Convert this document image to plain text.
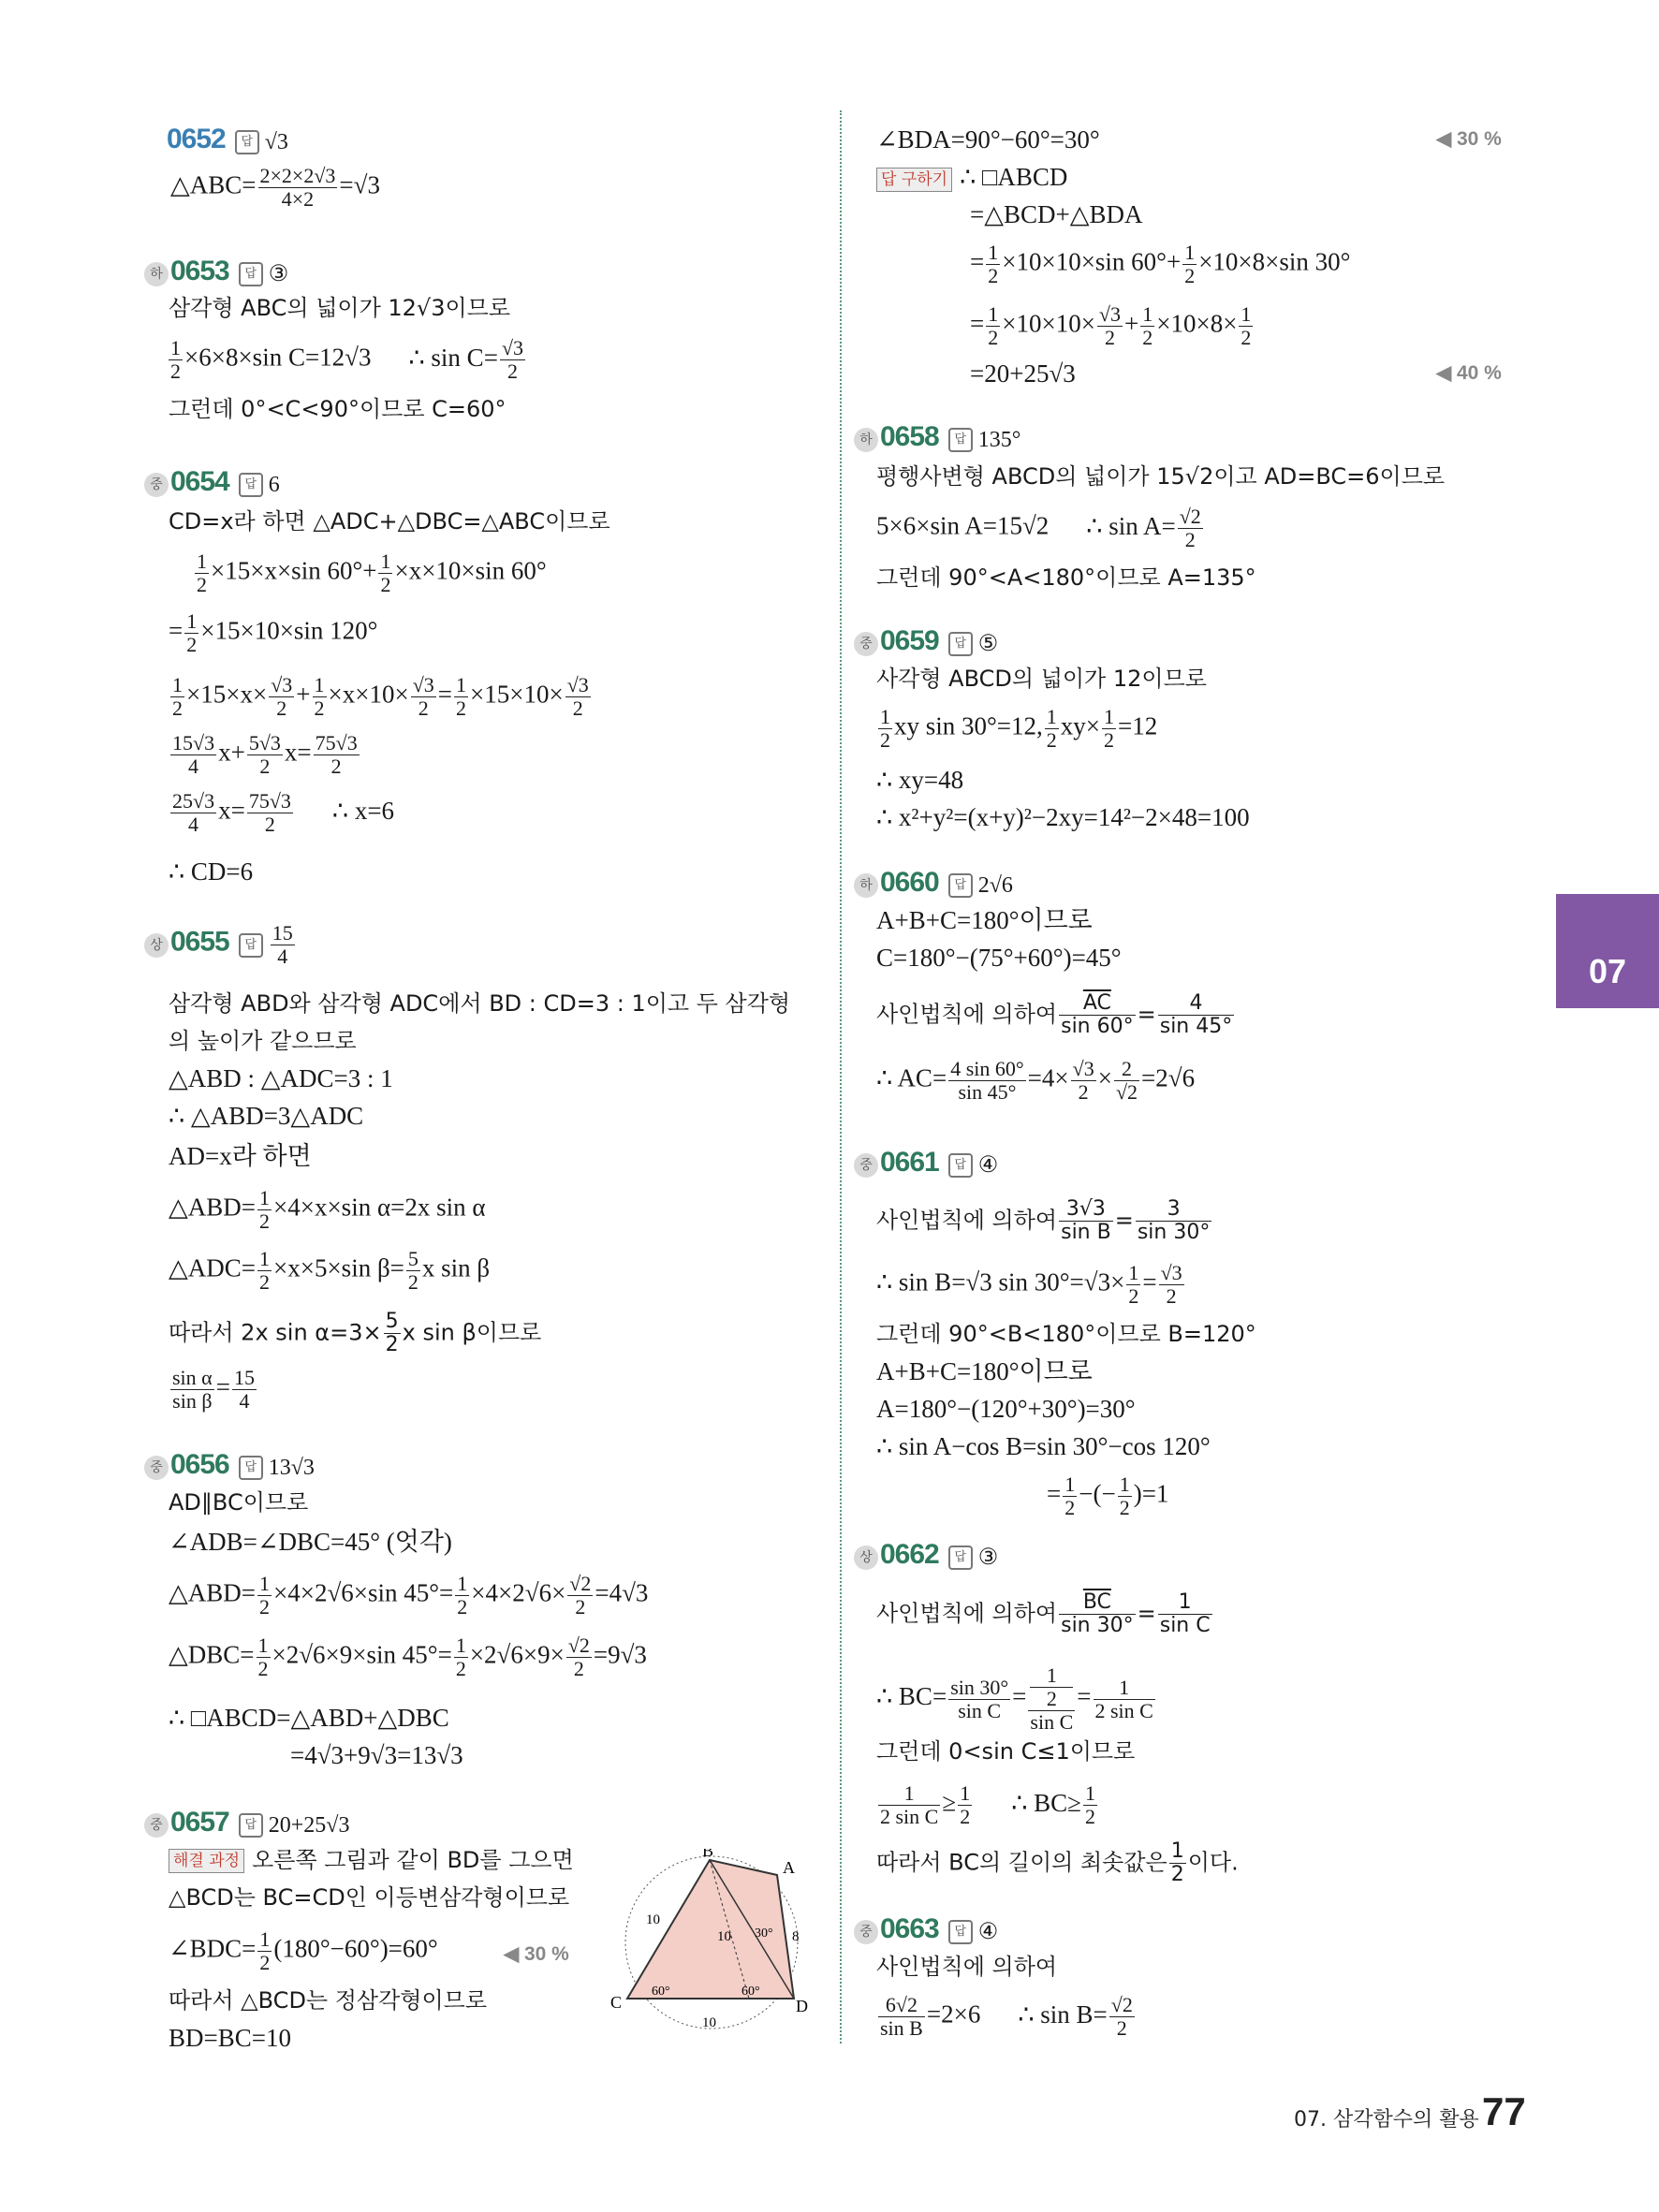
0652 답 √3
△ABC= $\frac{2\times 2\times 2√3}{4\times 2} =√3$
하 0653 답 ③
삼각형 ABC의 넓이가 12√3이므로
$\frac{1}{2} \times 6\times 8\times\sin$ C=12√3 ∴ $\sin C= \frac{√3}{2}$
그런데 0°<C<90°이므로 C=60°
중 0654 답 6
CD=x라 하면 △ADC+△DBC=△ABC이므로
$\frac{1}{2} \times 15\times x\times\sin$ $60^\circ+ \frac{1}{2} \times x\times 10\times\sin$ 60°
= $\frac{1}{2} \times 15\times 10\times\sin$ 120°
$\frac{1}{2} \times 15\times x\times \frac{√3}{2} + \frac{1}{2} \times x\times 10\times \frac{√3}{2} = \frac{1}{2} \times 15\times 10\times \frac{√3}{2}$
$\frac{15√3}{4} x+ \frac{5√3}{2} x= \frac{75√3}{2}$
$\frac{25√3}{4} x= \frac{75√3}{2}$ ∴ x=6
∴ CD=6
상 0655 답 $\frac{15}{4}$
삼각형 ABD와 삼각형 ADC에서 BD : CD=3 : 1이고 두 삼각형
의 높이가 같으므로
△ABD : △ADC=3 : 1
∴ △ABD=3△ADC
AD=x라 하면
△ABD= $\frac{1}{2} \times 4\times x\times\sin$ α=2x sin α
△ADC= $\frac{1}{2} \times x\times 5\times\sin$ $\beta= \frac{5}{2}$ x sin β
따라서 2x $\sin \alpha=3\times \frac{5}{2}$ x sin β이므로
$\frac{\text{sin α}}{\text{sin β}} = \frac{15}{4}$
중 0656 답 13√3
AD∥BC이므로
∠ADB=∠DBC=45° (엇각)
△ABD= $\frac{1}{2} \times 4\times 2√6\times\sin$ $45^\circ= \frac{1}{2} \times 4\times 2√6\times \frac{√2}{2} =4√3$
△DBC= $\frac{1}{2} \times 2√6\times 9\times\sin$ $45^\circ= \frac{1}{2} \times 2√6\times 9\times \frac{√2}{2} =9√3$
∴ □ABCD=△ABD+△DBC
=4√3+9√3=13√3
중 0657 답 20+25√3
해결 과정 오른쪽 그림과 같이 BD를 그으면
△BCD는 BC=CD인 이등변삼각형이므로
∠BDC= $\frac{1}{2} (180^\circ-60^\circ)=60^\circ$	◀ 30 %
따라서 △BCD는 정삼각형이므로
BD=BC=10
B
A
C	D
10
10
10
8
60°	60°
30°
∠BDA=90°−60°=30°	◀ 30 %
답 구하기 ∴ □ABCD
=△BCD+△BDA
= $\frac{1}{2} \times 10\times 10\times\sin$ $60^\circ+ \frac{1}{2} \times 10\times 8\times\sin$ 30°
= $\frac{1}{2} \times 10\times 10\times \frac{√3}{2} + \frac{1}{2} \times 10\times 8\times \frac{1}{2}$
=20+25√3	◀ 40 %
하 0658 답 135°
평행사변형 ABCD의 넓이가 15√2이고 AD=BC=6이므로
5×6×sin A=15√2 ∴ $\sin A= \frac{√2}{2}$
그런데 90°<A<180°이므로 A=135°
중 0659 답 ⑤
사각형 ABCD의 넓이가 12이므로
$\frac{1}{2}$ xy sin 30°=12, $\frac{1}{2} xy\times \frac{1}{2} =12$
∴ xy=48
∴ x²+y²=(x+y)²−2xy=14²−2×48=100
하 0660 답 2√6
A+B+C=180°이므로
C=180°−(75°+60°)=45°
사인법칙에 의하여 $\frac{\overline{AC}}{\sin 60^\circ} = \frac{4}{\sin 45^\circ}$
∴ $AC= \frac{4 \sin 60^\circ}{\sin 45^\circ} =4\times \frac{√3}{2} \times \frac{2}{√2} =2√6$
중 0661 답 ④
사인법칙에 의하여 $\frac{3√3}{\text{sin B}} = \frac{3}{\sin 30^\circ}$
∴ sin B=√3 $\sin 30^\circ=√3\times \frac{1}{2} = \frac{√3}{2}$
그런데 90°<B<180°이므로 B=120°
A+B+C=180°이므로
A=180°−(120°+30°)=30°
∴ sin A−cos B=sin 30°−cos 120°
= $\frac{1}{2}$ −(− $\frac{1}{2} )=1$
상 0662 답 ③
사인법칙에 의하여 $\frac{\overline{BC}}{\sin 30^\circ} = \frac{1}{\text{sin C}}$
∴ $BC= \frac{\sin 30^\circ}{\text{sin C}} = 1$
2
$\sin C = \frac{1}{\text{2 sin C}}$
그런데 0<sin C≤1이므로
$\frac{1}{\text{2 sin C}} \ge \frac{1}{2}$ ∴ $BC\ge \frac{1}{2}$
따라서 BC의 길이의 최솟값은 $\frac{1}{2}$ 이다.
중 0663 답 ④
사인법칙에 의하여
$\frac{6√2}{\text{sin B}} =2\times 6$ ∴ $\sin B= \frac{√2}{2}$
07
07. 삼각함수의 활용 77
